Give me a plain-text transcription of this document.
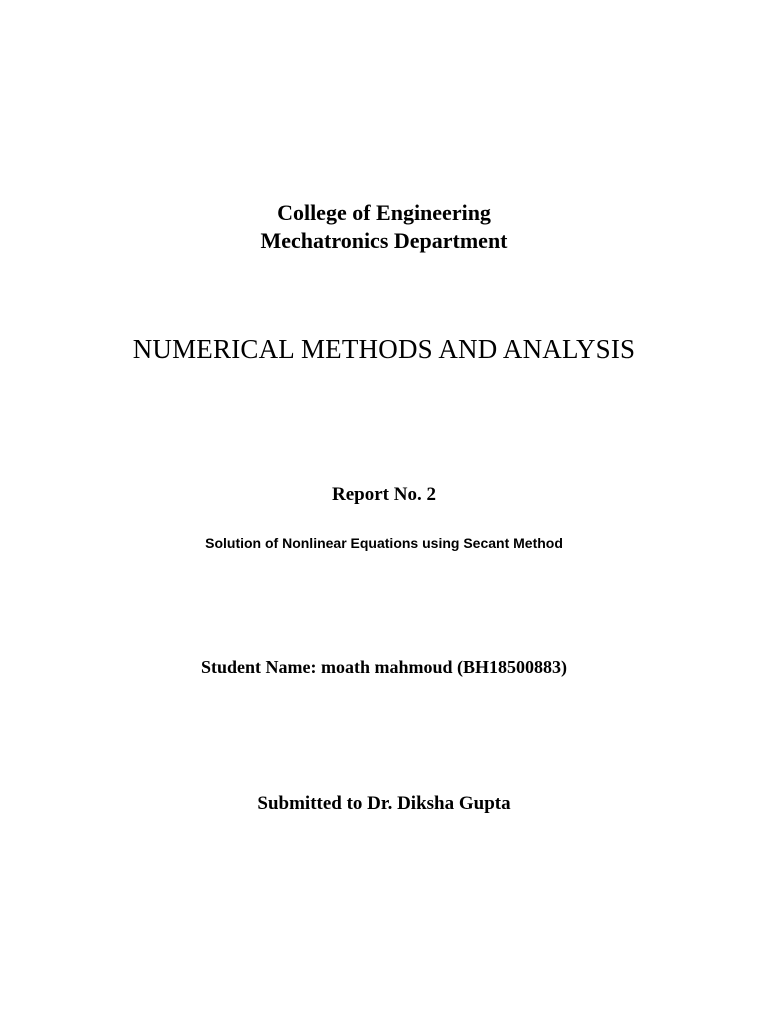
College of Engineering
Mechatronics Department
NUMERICAL METHODS AND ANALYSIS
Report No. 2
Solution of Nonlinear Equations using Secant Method
Student Name: moath mahmoud (BH18500883)
Submitted to Dr. Diksha Gupta
